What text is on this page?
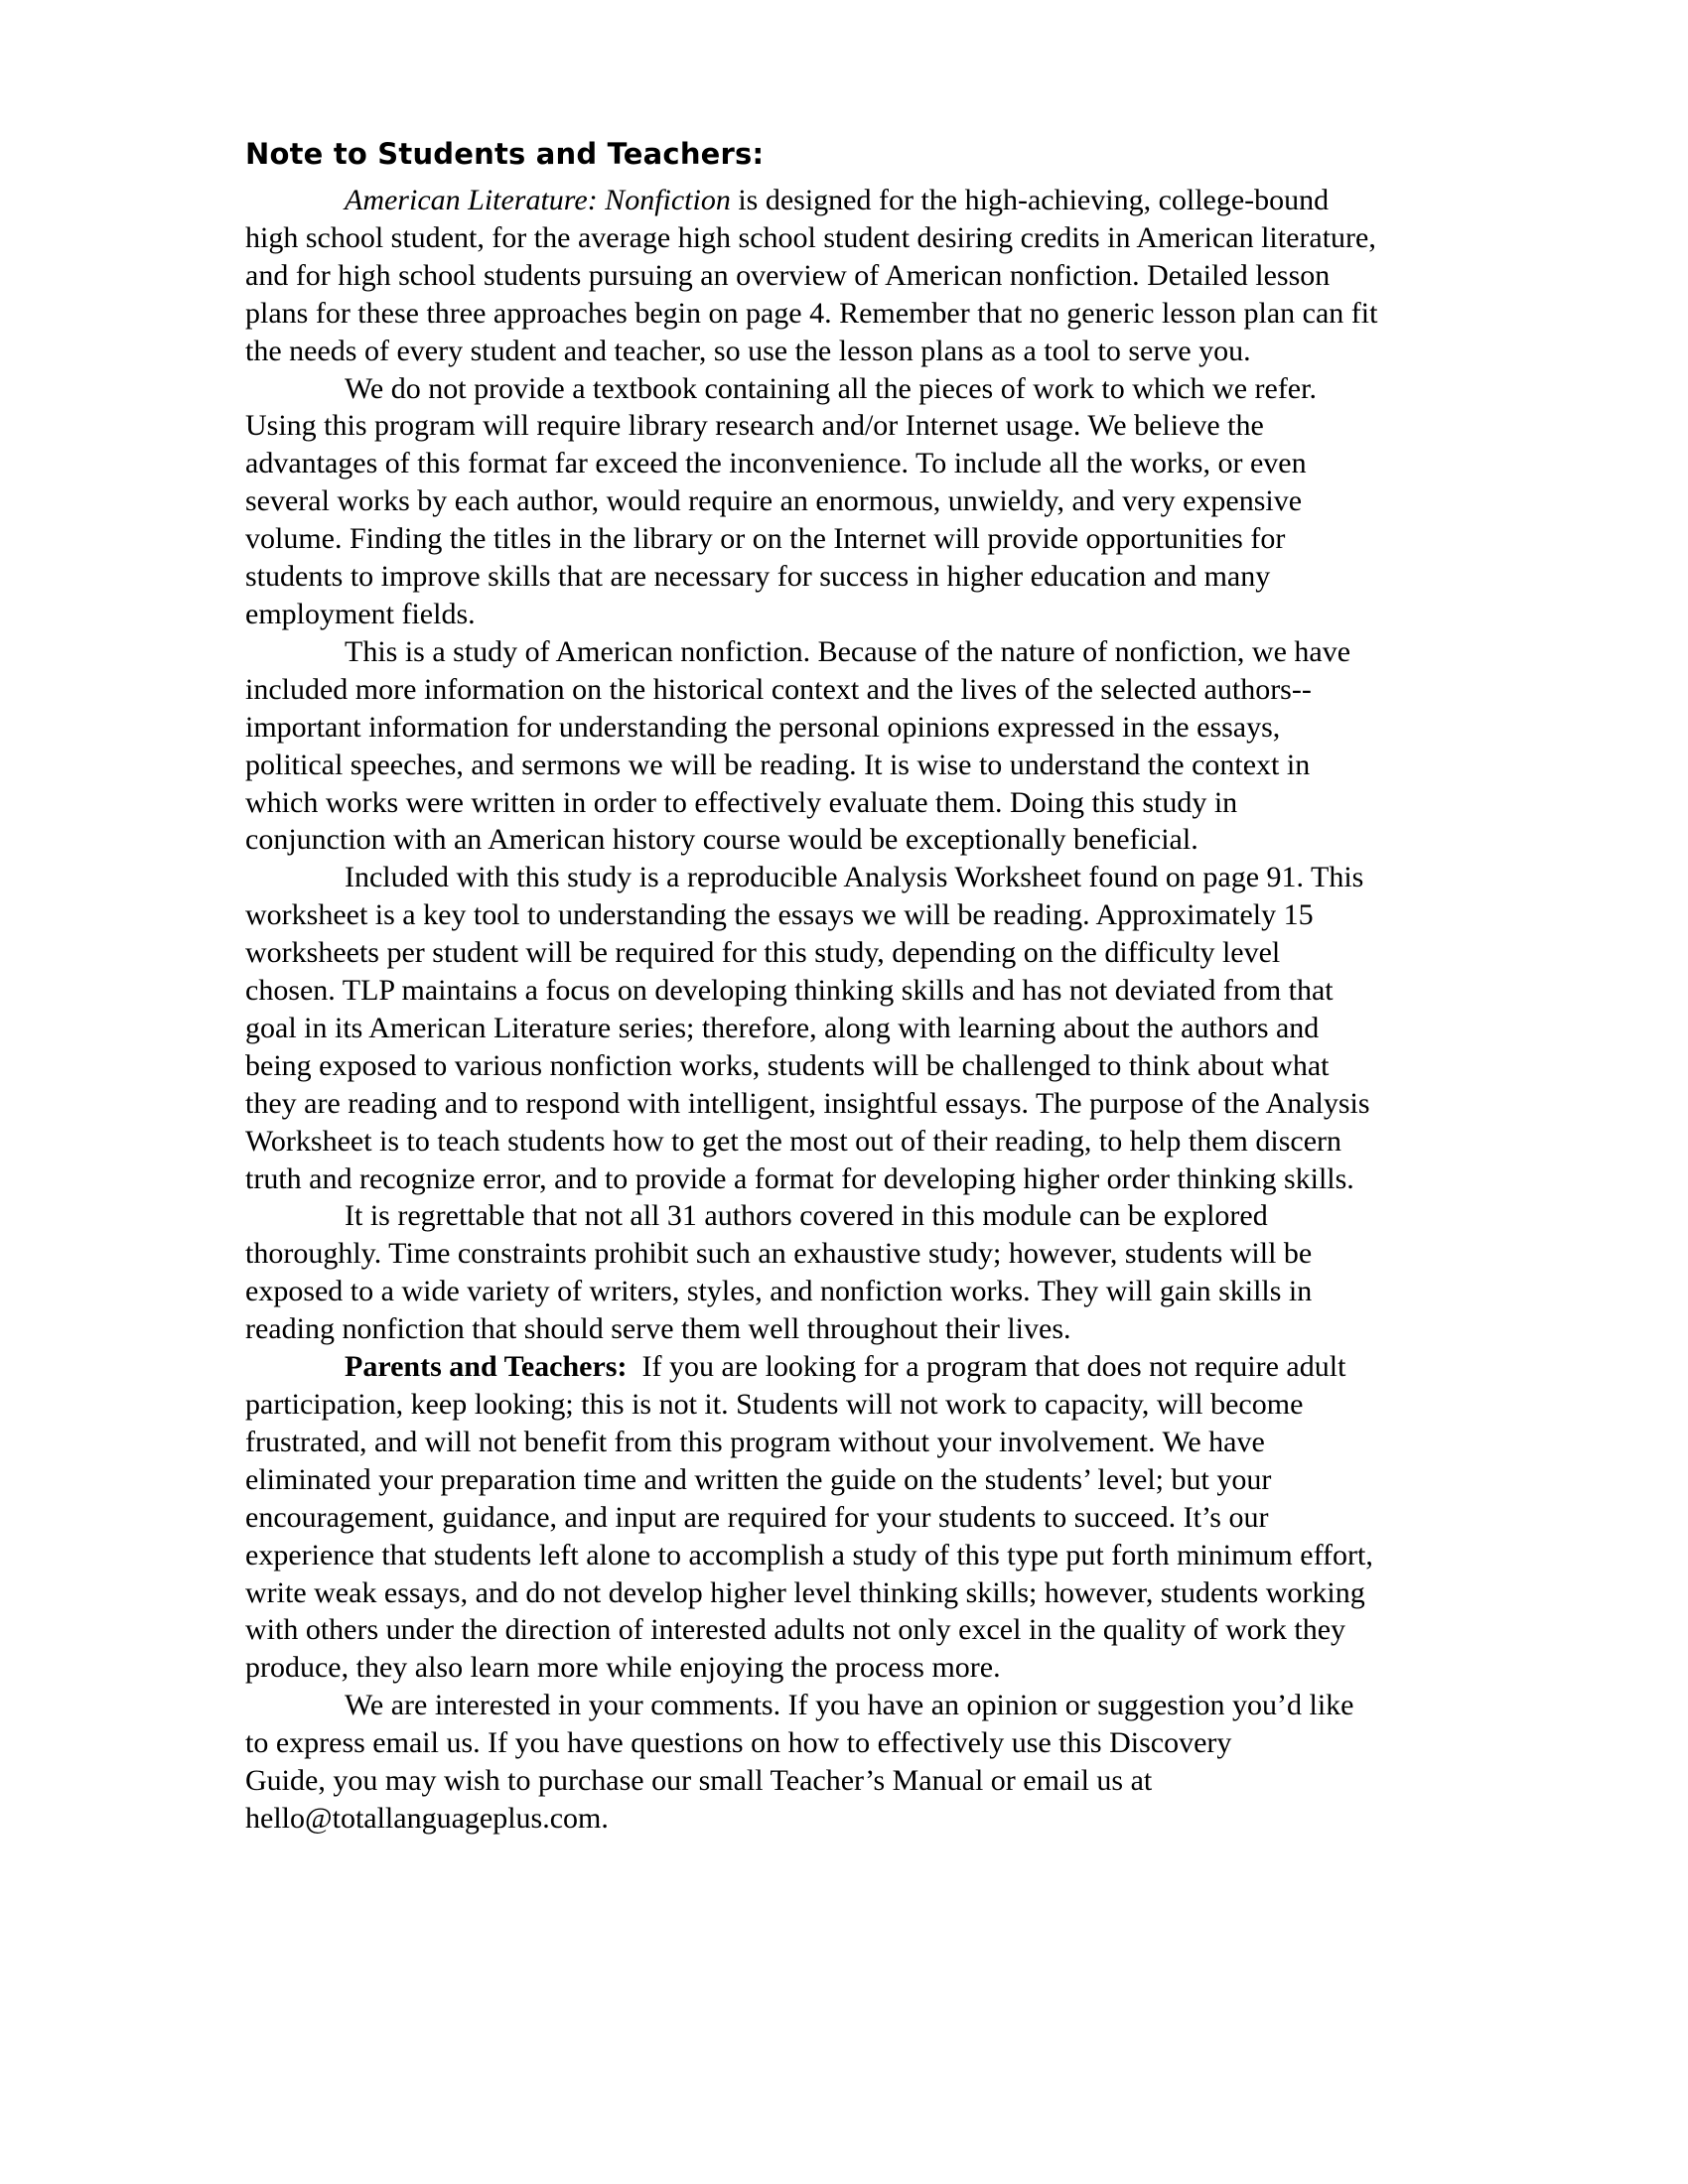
Note to Students and Teachers:

American Literature: Nonfiction is designed for the high-achieving, college-bound
high school student, for the average high school student desiring credits in American literature,
and for high school students pursuing an overview of American nonfiction. Detailed lesson
plans for these three approaches begin on page 4. Remember that no generic lesson plan can fit
the needs of every student and teacher, so use the lesson plans as a tool to serve you.

We do not provide a textbook containing all the pieces of work to which we refer.
Using this program will require library research and/or Internet usage. We believe the
advantages of this format far exceed the inconvenience. To include all the works, or even
several works by each author, would require an enormous, unwieldy, and very expensive
volume. Finding the titles in the library or on the Internet will provide opportunities for
students to improve skills that are necessary for success in higher education and many
employment fields.

This is a study of American nonfiction. Because of the nature of nonfiction, we have
included more information on the historical context and the lives of the selected authors--
important information for understanding the personal opinions expressed in the essays,
political speeches, and sermons we will be reading. It is wise to understand the context in
which works were written in order to effectively evaluate them. Doing this study in
conjunction with an American history course would be exceptionally beneficial.

Included with this study is a reproducible Analysis Worksheet found on page 91. This
worksheet is a key tool to understanding the essays we will be reading. Approximately 15
worksheets per student will be required for this study, depending on the difficulty level
chosen. TLP maintains a focus on developing thinking skills and has not deviated from that
goal in its American Literature series; therefore, along with learning about the authors and
being exposed to various nonfiction works, students will be challenged to think about what
they are reading and to respond with intelligent, insightful essays. The purpose of the Analysis
Worksheet is to teach students how to get the most out of their reading, to help them discern
truth and recognize error, and to provide a format for developing higher order thinking skills.

It is regrettable that not all 31 authors covered in this module can be explored
thoroughly. Time constraints prohibit such an exhaustive study; however, students will be
exposed to a wide variety of writers, styles, and nonfiction works. They will gain skills in
reading nonfiction that should serve them well throughout their lives.

Parents and Teachers:  If you are looking for a program that does not require adult
participation, keep looking; this is not it. Students will not work to capacity, will become
frustrated, and will not benefit from this program without your involvement. We have
eliminated your preparation time and written the guide on the students’ level; but your
encouragement, guidance, and input are required for your students to succeed. It’s our
experience that students left alone to accomplish a study of this type put forth minimum effort,
write weak essays, and do not develop higher level thinking skills; however, students working
with others under the direction of interested adults not only excel in the quality of work they
produce, they also learn more while enjoying the process more.

We are interested in your comments. If you have an opinion or suggestion you’d like
to express email us. If you have questions on how to effectively use this Discovery
Guide, you may wish to purchase our small Teacher’s Manual or email us at
hello@totallanguageplus.com.
